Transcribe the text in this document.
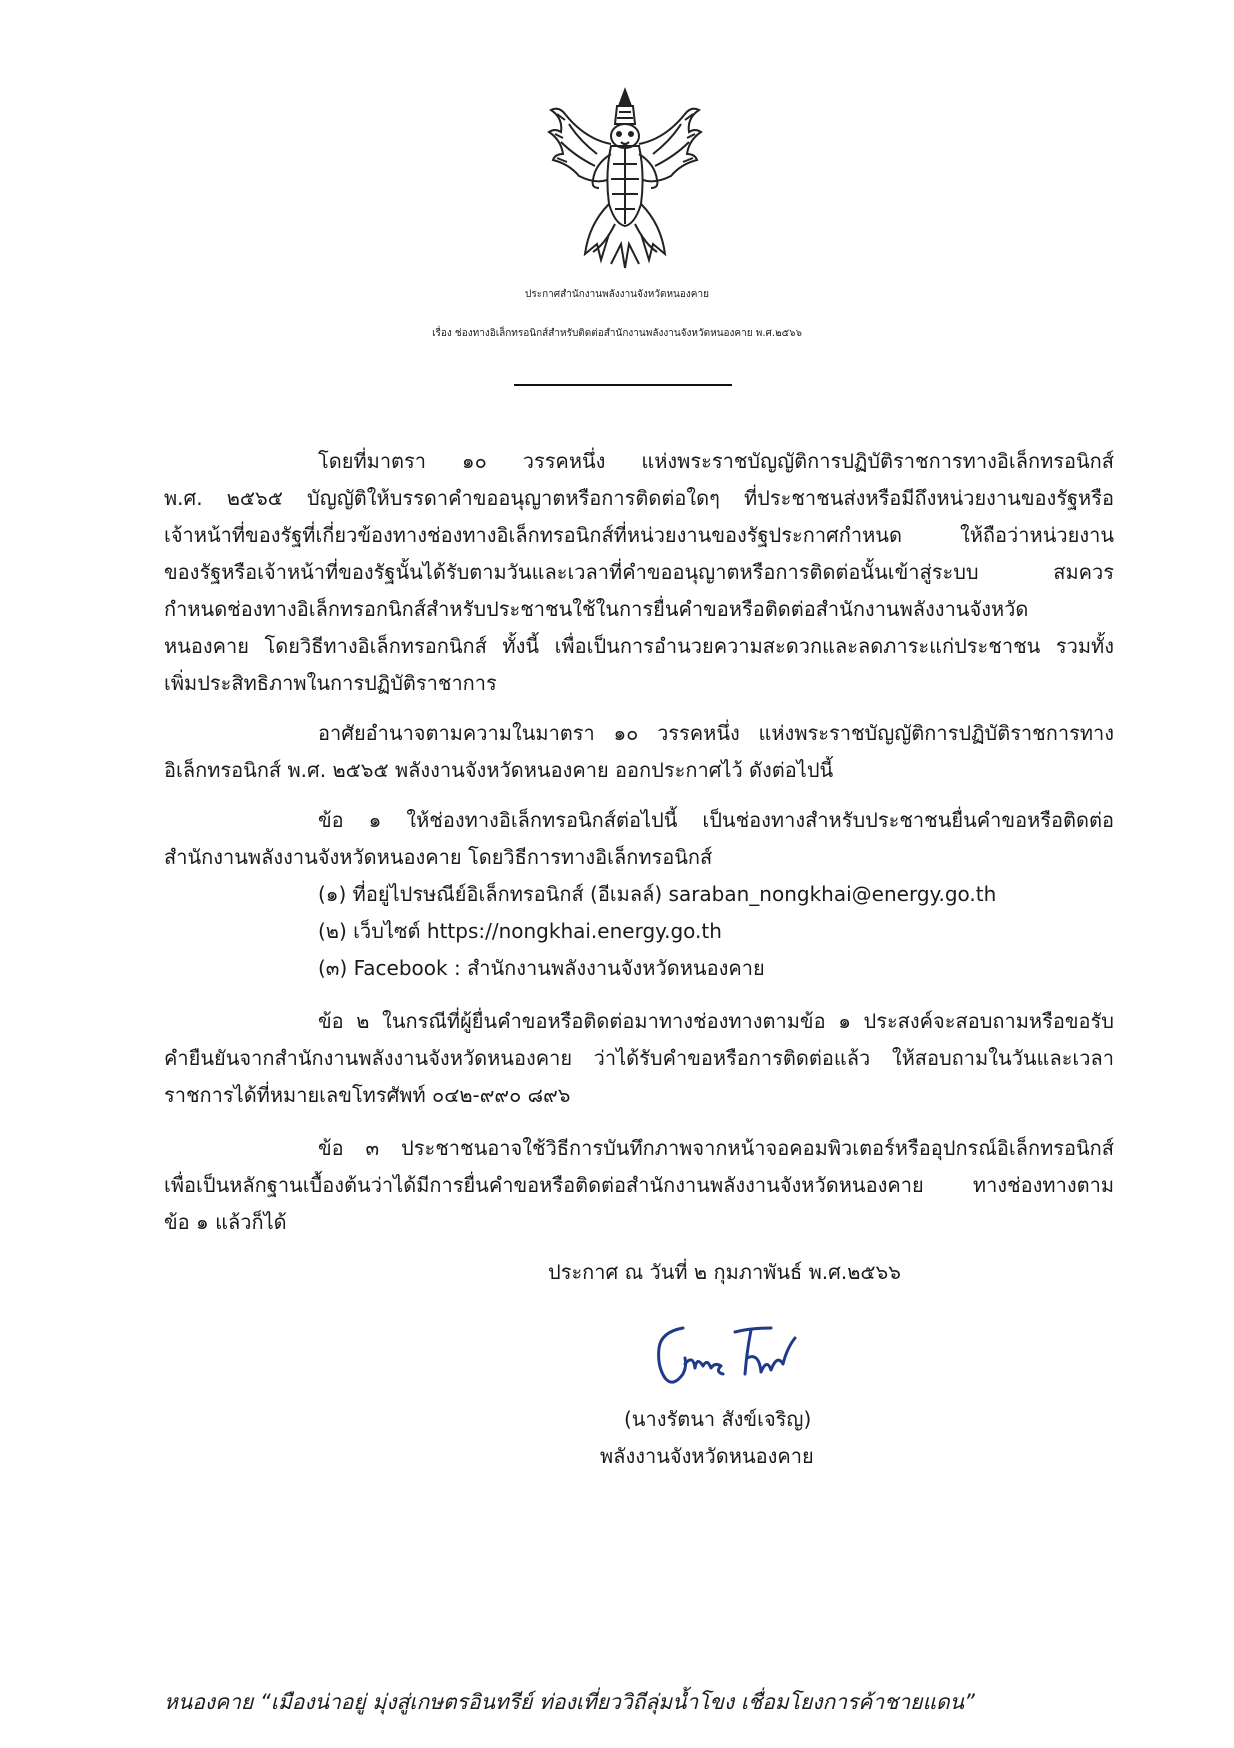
ประกาศสำนักงานพลังงานจังหวัดหนองคาย
เรื่อง ช่องทางอิเล็กทรอนิกส์สำหรับติดต่อสำนักงานพลังงานจังหวัดหนองคาย พ.ศ.๒๕๖๖
โดยที่มาตรา ๑๐ วรรคหนึ่ง แห่งพระราชบัญญัติการปฏิบัติราชการทางอิเล็กทรอนิกส์
พ.ศ. ๒๕๖๕ บัญญัติให้บรรดาคำขออนุญาตหรือการติดต่อใดๆ ที่ประชาชนส่งหรือมีถึงหน่วยงานของรัฐหรือ
เจ้าหน้าที่ของรัฐที่เกี่ยวข้องทางช่องทางอิเล็กทรอนิกส์ที่หน่วยงานของรัฐประกาศกำหนด ให้ถือว่าหน่วยงาน
ของรัฐหรือเจ้าหน้าที่ของรัฐนั้นได้รับตามวันและเวลาที่คำขออนุญาตหรือการติดต่อนั้นเข้าสู่ระบบ สมควร
กำหนดช่องทางอิเล็กทรอกนิกส์สำหรับประชาชนใช้ในการยื่นคำขอหรือติดต่อสำนักงานพลังงานจังหวัด
หนองคาย โดยวิธีทางอิเล็กทรอกนิกส์ ทั้งนี้ เพื่อเป็นการอำนวยความสะดวกและลดภาระแก่ประชาชน รวมทั้ง
เพิ่มประสิทธิภาพในการปฏิบัติราชาการ
อาศัยอำนาจตามความในมาตรา ๑๐ วรรคหนึ่ง แห่งพระราชบัญญัติการปฏิบัติราชการทาง
อิเล็กทรอนิกส์ พ.ศ. ๒๕๖๕ พลังงานจังหวัดหนองคาย ออกประกาศไว้ ดังต่อไปนี้
ข้อ ๑ ให้ช่องทางอิเล็กทรอนิกส์ต่อไปนี้ เป็นช่องทางสำหรับประชาชนยื่นคำขอหรือติดต่อ
สำนักงานพลังงานจังหวัดหนองคาย โดยวิธีการทางอิเล็กทรอนิกส์
(๑) ที่อยู่ไปรษณีย์อิเล็กทรอนิกส์ (อีเมลล์) saraban_nongkhai@energy.go.th
(๒) เว็บไซต์ https://nongkhai.energy.go.th
(๓) Facebook : สำนักงานพลังงานจังหวัดหนองคาย
ข้อ ๒ ในกรณีที่ผู้ยื่นคำขอหรือติดต่อมาทางช่องทางตามข้อ ๑ ประสงค์จะสอบถามหรือขอรับ
คำยืนยันจากสำนักงานพลังงานจังหวัดหนองคาย ว่าได้รับคำขอหรือการติดต่อแล้ว ให้สอบถามในวันและเวลา
ราชการได้ที่หมายเลขโทรศัพท์ ๐๔๒-๙๙๐ ๘๙๖
ข้อ ๓ ประชาชนอาจใช้วิธีการบันทึกภาพจากหน้าจอคอมพิวเตอร์หรืออุปกรณ์อิเล็กทรอนิกส์
เพื่อเป็นหลักฐานเบื้องต้นว่าได้มีการยื่นคำขอหรือติดต่อสำนักงานพลังงานจังหวัดหนองคาย ทางช่องทางตาม
ข้อ ๑ แล้วก็ได้
ประกาศ ณ วันที่ ๒ กุมภาพันธ์ พ.ศ.๒๕๖๖
(นางรัตนา สังข์เจริญ)
พลังงานจังหวัดหนองคาย
หนองคาย “เมืองน่าอยู่ มุ่งสู่เกษตรอินทรีย์ ท่องเที่ยววิถีลุ่มน้ำโขง เชื่อมโยงการค้าชายแดน”
